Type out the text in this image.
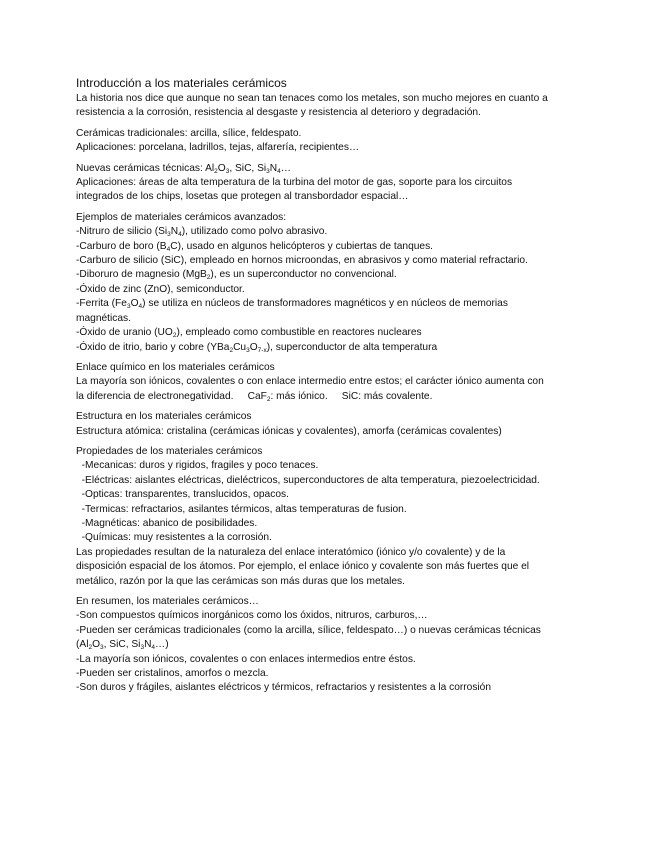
Introducción a los materiales cerámicos
La historia nos dice que aunque no sean tan tenaces como los metales, son mucho mejores en cuanto a
resistencia a la corrosión, resistencia al desgaste y resistencia al deterioro y degradación.
Cerámicas tradicionales: arcilla, sílice, feldespato.
Aplicaciones: porcelana, ladrillos, tejas, alfarería, recipientes…
Nuevas cerámicas técnicas: $Al_2O_3$, SiC, $Si_3N_4\dots$
Aplicaciones: áreas de alta temperatura de la turbina del motor de gas, soporte para los circuitos
integrados de los chips, losetas que protegen al transbordador espacial…
Ejemplos de materiales cerámicos avanzados:
-Nitruro de silicio $(Si_3N_4)$, utilizado como polvo abrasivo.
-Carburo de boro $(B_4C)$, usado en algunos helicópteros y cubiertas de tanques.
-Carburo de silicio (SiC), empleado en hornos microondas, en abrasivos y como material refractario.
-Diboruro de magnesio (MgB$_2$), es un superconductor no convencional.
-Óxido de zinc (ZnO), semiconductor.
-Ferrita $(Fe_3O_4)$ se utiliza en núcleos de transformadores magnéticos y en núcleos de memorias
magnéticas.
-Óxido de uranio $(UO_2)$, empleado como combustible en reactores nucleares
-Óxido de itrio, bario y cobre $(YBa_2Cu_3O_{7-x})$, superconductor de alta temperatura
Enlace químico en los materiales cerámicos
La mayoría son iónicos, covalentes o con enlace intermedio entre estos; el carácter iónico aumenta con
la diferencia de electronegatividad.     CaF$_2$: más iónico.     SiC: más covalente.
Estructura en los materiales cerámicos
Estructura atómica: cristalina (cerámicas iónicas y covalentes), amorfa (cerámicas covalentes)
Propiedades de los materiales cerámicos
-Mecanicas: duros y rigidos, fragiles y poco tenaces.
-Eléctricas: aislantes eléctricas, dieléctricos, superconductores de alta temperatura, piezoelectricidad.
-Opticas: transparentes, translucidos, opacos.
-Termicas: refractarios, asilantes térmicos, altas temperaturas de fusion.
-Magnéticas: abanico de posibilidades.
-Químicas: muy resistentes a la corrosión.
Las propiedades resultan de la naturaleza del enlace interatómico (iónico y/o covalente) y de la
disposición espacial de los átomos. Por ejemplo, el enlace iónico y covalente son más fuertes que el
metálico, razón por la que las cerámicas son más duras que los metales.
En resumen, los materiales cerámicos…
-Son compuestos químicos inorgánicos como los óxidos, nitruros, carburos,…
-Pueden ser cerámicas tradicionales (como la arcilla, sílice, feldespato…) o nuevas cerámicas técnicas
($Al_2O_3$, SiC, $Si_3N_4\dots$)
-La mayoría son iónicos, covalentes o con enlaces intermedios entre éstos.
-Pueden ser cristalinos, amorfos o mezcla.
-Son duros y frágiles, aislantes eléctricos y térmicos, refractarios y resistentes a la corrosión
